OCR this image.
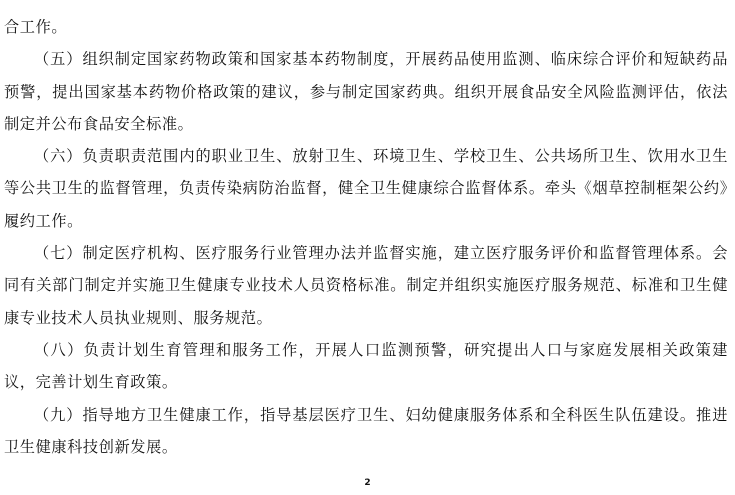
合工作。

（五）组织制定国家药物政策和国家基本药物制度，开展药品使用监测、临床综合评价和短缺药品预警，提出国家基本药物价格政策的建议，参与制定国家药典。组织开展食品安全风险监测评估，依法制定并公布食品安全标准。

（六）负责职责范围内的职业卫生、放射卫生、环境卫生、学校卫生、公共场所卫生、饮用水卫生等公共卫生的监督管理，负责传染病防治监督，健全卫生健康综合监督体系。牵头《烟草控制框架公约》履约工作。

（七）制定医疗机构、医疗服务行业管理办法并监督实施，建立医疗服务评价和监督管理体系。会同有关部门制定并实施卫生健康专业技术人员资格标准。制定并组织实施医疗服务规范、标准和卫生健康专业技术人员执业规则、服务规范。

（八）负责计划生育管理和服务工作，开展人口监测预警，研究提出人口与家庭发展相关政策建议，完善计划生育政策。

（九）指导地方卫生健康工作，指导基层医疗卫生、妇幼健康服务体系和全科医生队伍建设。推进卫生健康科技创新发展。

2
